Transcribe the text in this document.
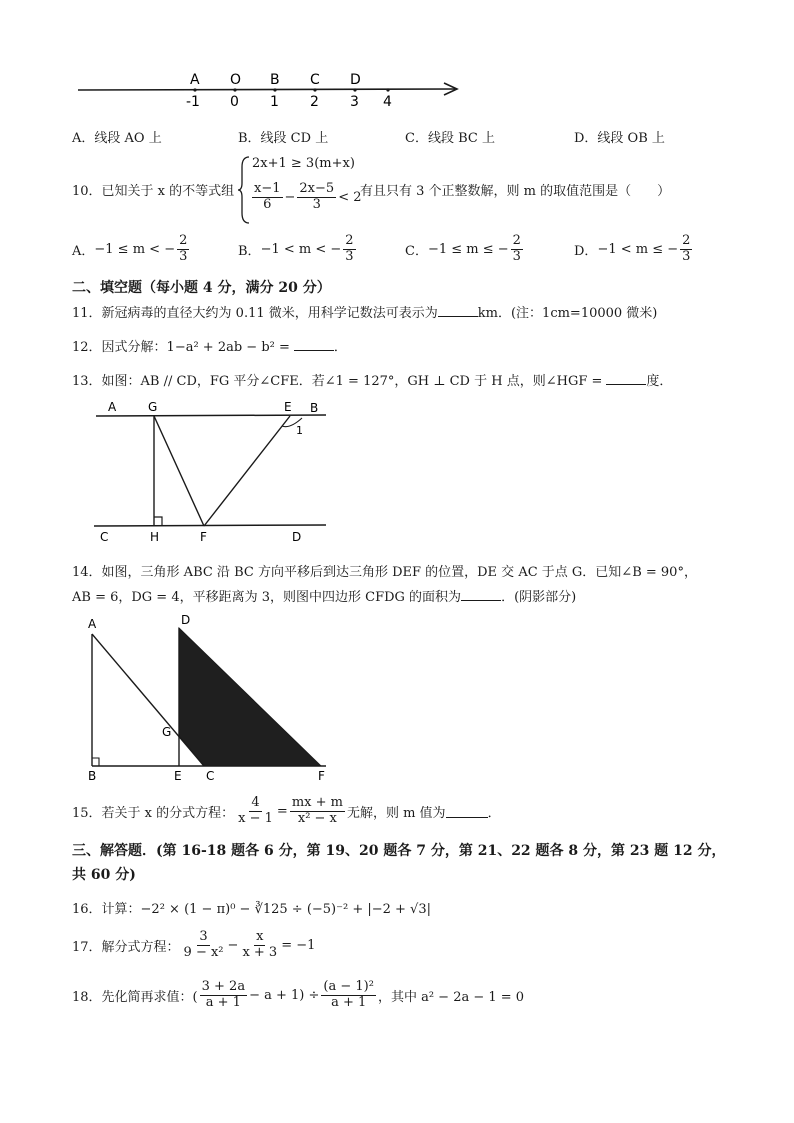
A O B C D
-1 0 1 2 3 4
A．线段 AO 上	B．线段 CD 上	C．线段 BC 上	D．线段 OB 上
10．已知关于 x 的不等式组
2x+1 ≥ 3(m+x)
$\frac{x-1}{6} - \frac{2x-5}{3} < 2$
有且只有 3 个正整数解，则 m 的取值范围是（　　）
A． −1 ≤ m < − $\frac{2}{3}$	B． −1 < m < − $\frac{2}{3}$	C． −1 ≤ m ≤ − $\frac{2}{3}$	D． −1 < m ≤ − $\frac{2}{3}$
二、填空题（每小题 4 分，满分 20 分）
11．新冠病毒的直径大约为 0.11 微米，用科学记数法可表示为	km．(注：1cm=10000 微米)
12．因式分解：1−a² + 2ab − b² =	．
13．如图：AB // CD，FG 平分∠CFE．若∠1 = 127°，GH ⊥ CD 于 H 点，则∠HGF =	度．
A	G	E B
1
C	H	F	D
14．如图，三角形 ABC 沿 BC 方向平移后到达三角形 DEF 的位置，DE 交 AC 于点 G．已知∠B = 90°，
AB = 6，DG = 4，平移距离为 3，则图中四边形 CFDG 的面积为	．(阴影部分)
A	D
G
B	E C	F
15．若关于 x 的分式方程： $\frac{4}{x - 1} = \frac{mx + m}{\text{x² − x}}$ 无解，则 m 值为	．
三、解答题．(第 16-18 题各 6 分，第 19、20 题各 7 分，第 21、22 题各 8 分，第 23 题 12 分，
共 60 分)
16．计算：−2² × (1 − π)⁰ − ∛125 ÷ (−5)⁻² + |−2 + √3|
17．解分式方程： $\frac{3}{\text{9 − x²}} - \frac{x}{x + 3} = -1$
18．先化简再求值：( $\frac{3 + 2a}{a + 1} - a + 1) \div \frac{\text{(a − 1)²}}{a + 1}$ ，其中 a² − 2a − 1 = 0
